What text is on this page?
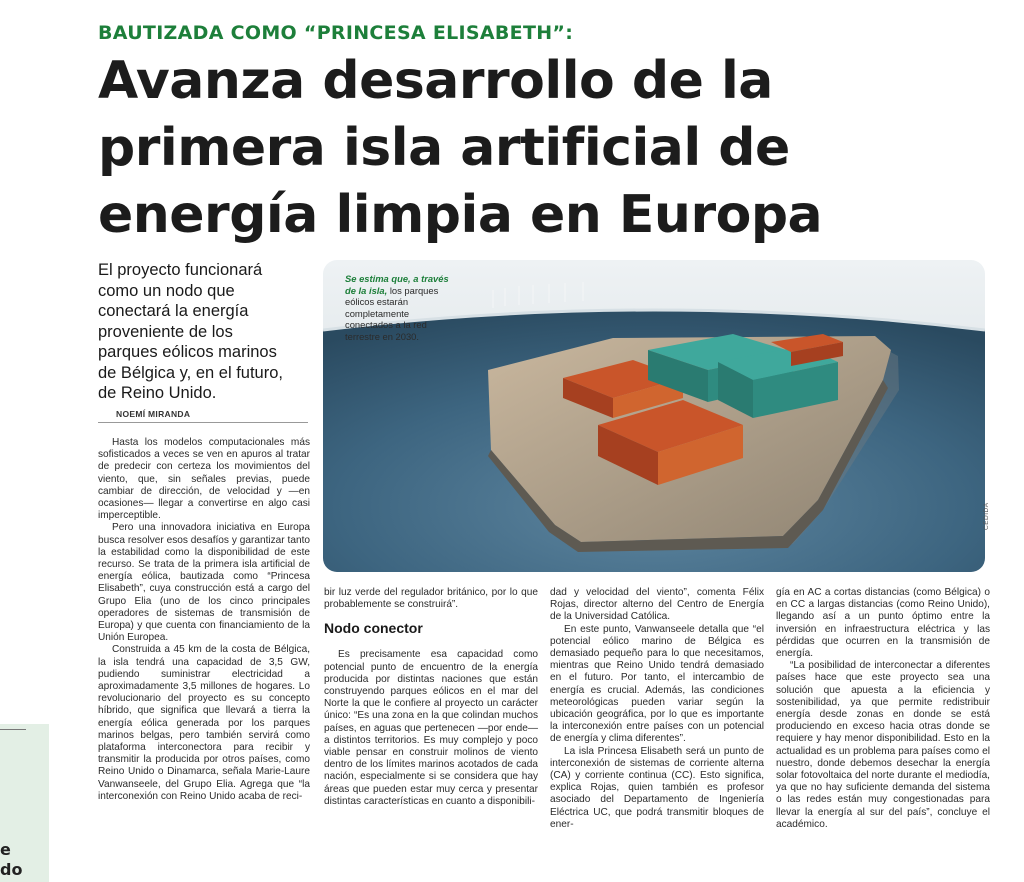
BAUTIZADA COMO “PRINCESA ELISABETH”:
Avanza desarrollo de la
primera isla artificial de
energía limpia en Europa
El proyecto funcionará
como un nodo que
conectará la energía
proveniente de los
parques eólicos marinos
de Bélgica y, en el futuro,
de Reino Unido.
NOEMÍ MIRANDA

Hasta los modelos computacionales más sofisticados a veces se ven en apuros al tratar de predecir con certeza los movimientos del viento, que, sin señales previas, puede cambiar de dirección, de velocidad y —en ocasiones— llegar a convertirse en algo casi imperceptible.

Pero una innovadora iniciativa en Europa busca resolver esos desafíos y garantizar tanto la estabilidad como la disponibilidad de este recurso. Se trata de la primera isla artificial de energía eólica, bautizada como “Princesa Elisabeth”, cuya construcción está a cargo del Grupo Elia (uno de los cinco principales operadores de sistemas de transmisión de Europa) y que cuenta con financiamiento de la Unión Europea.

Construida a 45 km de la costa de Bélgica, la isla tendrá una capacidad de 3,5 GW, pudiendo suministrar electricidad a aproximadamente 3,5 millones de hogares. Lo revolucionario del proyecto es su concepto híbrido, que significa que llevará a tierra la energía eólica generada por los parques marinos belgas, pero también servirá como plataforma interconectora para recibir y transmitir la producida por otros países, como Reino Unido o Dinamarca, señala Marie-Laure Vanwanseele, del Grupo Elia. Agrega que “la interconexión con Reino Unido acaba de reci-

Se estima que, a través de la isla, los parques eólicos estarán completamente conectados a la red terrestre en 2030.
CEDIDA

bir luz verde del regulador británico, por lo que probablemente se construirá”.

Nodo conector

Es precisamente esa capacidad como potencial punto de encuentro de la energía producida por distintas naciones que están construyendo parques eólicos en el mar del Norte la que le confiere al proyecto un carácter único: “Es una zona en la que colindan muchos países, en aguas que pertenecen —por ende— a distintos territorios. Es muy complejo y poco viable pensar en construir molinos de viento dentro de los límites marinos acotados de cada nación, especialmente si se considera que hay áreas que pueden estar muy cerca y presentar distintas características en cuanto a disponibili-

dad y velocidad del viento”, comenta Félix Rojas, director alterno del Centro de Energía de la Universidad Católica.

En este punto, Vanwanseele detalla que “el potencial eólico marino de Bélgica es demasiado pequeño para lo que necesitamos, mientras que Reino Unido tendrá demasiado en el futuro. Por tanto, el intercambio de energía es crucial. Además, las condiciones meteorológicas pueden variar según la ubicación geográfica, por lo que es importante la interconexión entre países con un potencial de energía y clima diferentes”.

La isla Princesa Elisabeth será un punto de interconexión de sistemas de corriente alterna (CA) y corriente continua (CC). Esto significa, explica Rojas, quien también es profesor asociado del Departamento de Ingeniería Eléctrica UC, que podrá transmitir bloques de ener-

gía en AC a cortas distancias (como Bélgica) o en CC a largas distancias (como Reino Unido), llegando así a un punto óptimo entre la inversión en infraestructura eléctrica y las pérdidas que ocurren en la transmisión de energía.

“La posibilidad de interconectar a diferentes países hace que este proyecto sea una solución que apuesta a la eficiencia y sostenibilidad, ya que permite redistribuir energía desde zonas en donde se está produciendo en exceso hacia otras donde se requiere y hay menor disponibilidad. Esto en la actualidad es un problema para países como el nuestro, donde debemos desechar la energía solar fotovoltaica del norte durante el mediodía, ya que no hay suficiente demanda del sistema o las redes están muy congestionadas para llevar la energía al sur del país”, concluye el académico.

e
do
